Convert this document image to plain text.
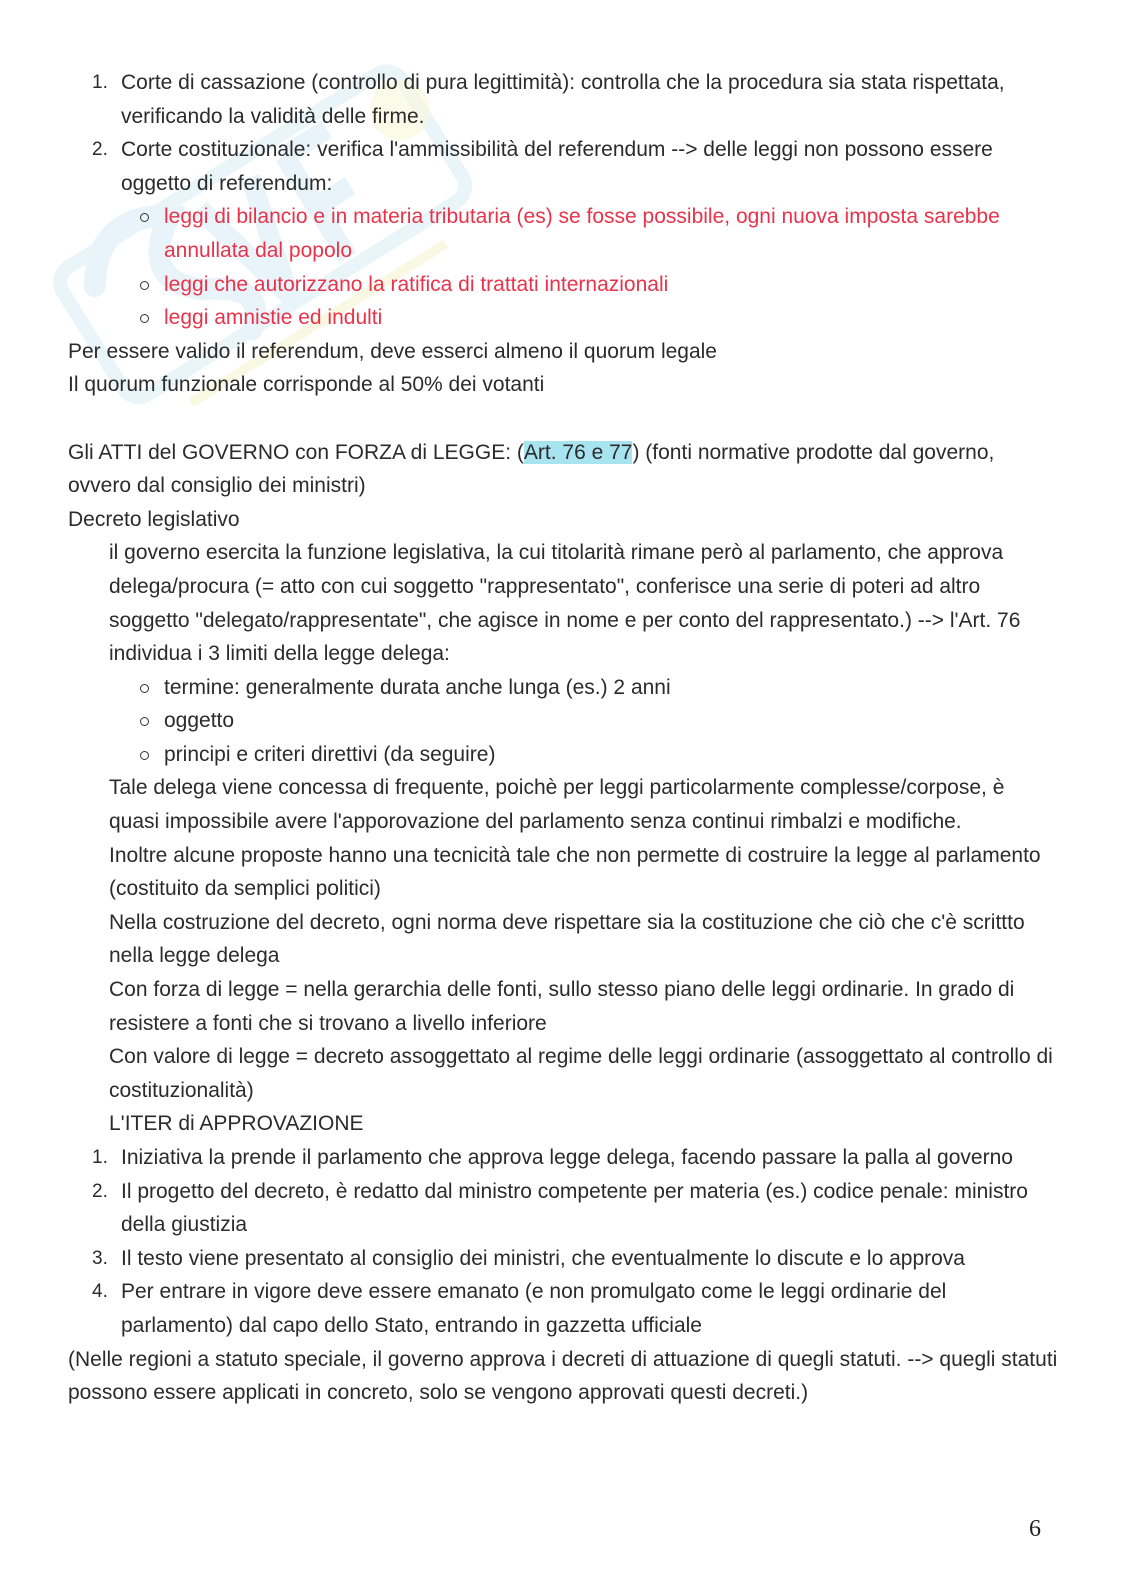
1. Corte di cassazione (controllo di pura legittimità): controlla che la procedura sia stata rispettata, verificando la validità delle firme.
2. Corte costituzionale: verifica l'ammissibilità del referendum --> delle leggi non possono essere oggetto di referendum:
leggi di bilancio e in materia tributaria (es) se fosse possibile, ogni nuova imposta sarebbe annullata dal popolo
leggi che autorizzano la ratifica di trattati internazionali
leggi amnistie ed indulti

Per essere valido il referendum, deve esserci almeno il quorum legale

Il quorum funzionale corrisponde al 50% dei votanti

Gli ATTI del GOVERNO con FORZA di LEGGE: (Art. 76 e 77) (fonti normative prodotte dal governo, ovvero dal consiglio dei ministri)

Decreto legislativo

il governo esercita la funzione legislativa, la cui titolarità rimane però al parlamento, che approva delega/procura (= atto con cui soggetto "rappresentato", conferisce una serie di poteri ad altro soggetto "delegato/rappresentate", che agisce in nome e per conto del rappresentato.) --> l'Art. 76 individua i 3 limiti della legge delega:

termine: generalmente durata anche lunga (es.) 2 anni
oggetto
principi e criteri direttivi (da seguire)

Tale delega viene concessa di frequente, poichè per leggi particolarmente complesse/corpose, è quasi impossibile avere l'apporovazione del parlamento senza continui rimbalzi e modifiche.

Inoltre alcune proposte hanno una tecnicità tale che non permette di costruire la legge al parlamento (costituito da semplici politici)

Nella costruzione del decreto, ogni norma deve rispettare sia la costituzione che ciò che c'è scrittto nella legge delega

Con forza di legge = nella gerarchia delle fonti, sullo stesso piano delle leggi ordinarie. In grado di resistere a fonti che si trovano a livello inferiore

Con valore di legge = decreto assoggettato al regime delle leggi ordinarie (assoggettato al controllo di costituzionalità)

L'ITER di APPROVAZIONE

1. Iniziativa la prende il parlamento che approva legge delega, facendo passare la palla al governo
2. Il progetto del decreto, è redatto dal ministro competente per materia (es.) codice penale: ministro della giustizia
3. Il testo viene presentato al consiglio dei ministri, che eventualmente lo discute e lo approva
4. Per entrare in vigore deve essere emanato (e non promulgato come le leggi ordinarie del parlamento) dal capo dello Stato, entrando in gazzetta ufficiale

(Nelle regioni a statuto speciale, il governo approva i decreti di attuazione di quegli statuti. --> quegli statuti possono essere applicati in concreto, solo se vengono approvati questi decreti.)

6
